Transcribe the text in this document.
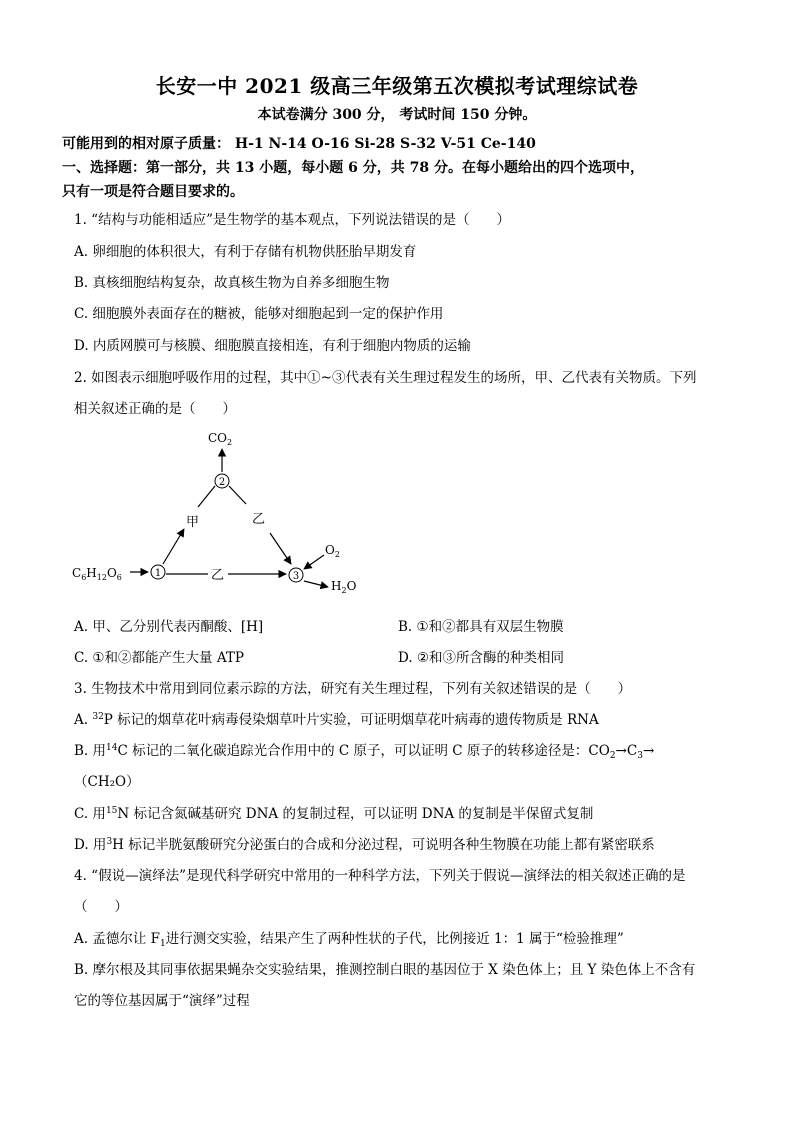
长安一中 2021 级高三年级第五次模拟考试理综试卷
本试卷满分 300 分， 考试时间 150 分钟。
可能用到的相对原子质量： H-1 N-14 O-16 Si-28 S-32 V-51 Ce-140
一、选择题：第一部分，共 13 小题，每小题 6 分，共 78 分。在每小题给出的四个选项中，
只有一项是符合题目要求的。
1. “结构与功能相适应”是生物学的基本观点，下列说法错误的是（　　）
A. 卵细胞的体积很大，有利于存储有机物供胚胎早期发育
B. 真核细胞结构复杂，故真核生物为自养多细胞生物
C. 细胞膜外表面存在的糖被，能够对细胞起到一定的保护作用
D. 内质网膜可与核膜、细胞膜直接相连，有利于细胞内物质的运输
2. 如图表示细胞呼吸作用的过程，其中①~③代表有关生理过程发生的场所，甲、乙代表有关物质。下列
相关叙述正确的是（　　）
$CO_2$
2
1	3
$C_6H_{12}O_6$
甲	乙
乙
$O_2$
$H_2O$
A. 甲、乙分别代表丙酮酸、[H]	B. ①和②都具有双层生物膜
C. ①和②都能产生大量 ATP	D. ②和③所含酶的种类相同
3. 生物技术中常用到同位素示踪的方法，研究有关生理过程，下列有关叙述错误的是（　　）
A. $^{32}$P 标记的烟草花叶病毒侵染烟草叶片实验，可证明烟草花叶病毒的遗传物质是 RNA
B. 用$^{14}$C 标记的二氧化碳追踪光合作用中的 C 原子，可以证明 C 原子的转移途径是：$CO_2\to C_3\to$
（CH₂O）
C. 用$^{15}$N 标记含氮碱基研究 DNA 的复制过程，可以证明 DNA 的复制是半保留式复制
D. 用$^3$H 标记半胱氨酸研究分泌蛋白的合成和分泌过程，可说明各种生物膜在功能上都有紧密联系
4. “假说—演绎法”是现代科学研究中常用的一种科学方法，下列关于假说—演绎法的相关叙述正确的是
（　　）
A. 孟德尔让 $F_1$进行测交实验，结果产生了两种性状的子代，比例接近 1：1 属于“检验推理”
B. 摩尔根及其同事依据果蝇杂交实验结果，推测控制白眼的基因位于 X 染色体上；且 Y 染色体上不含有
它的等位基因属于“演绎”过程
